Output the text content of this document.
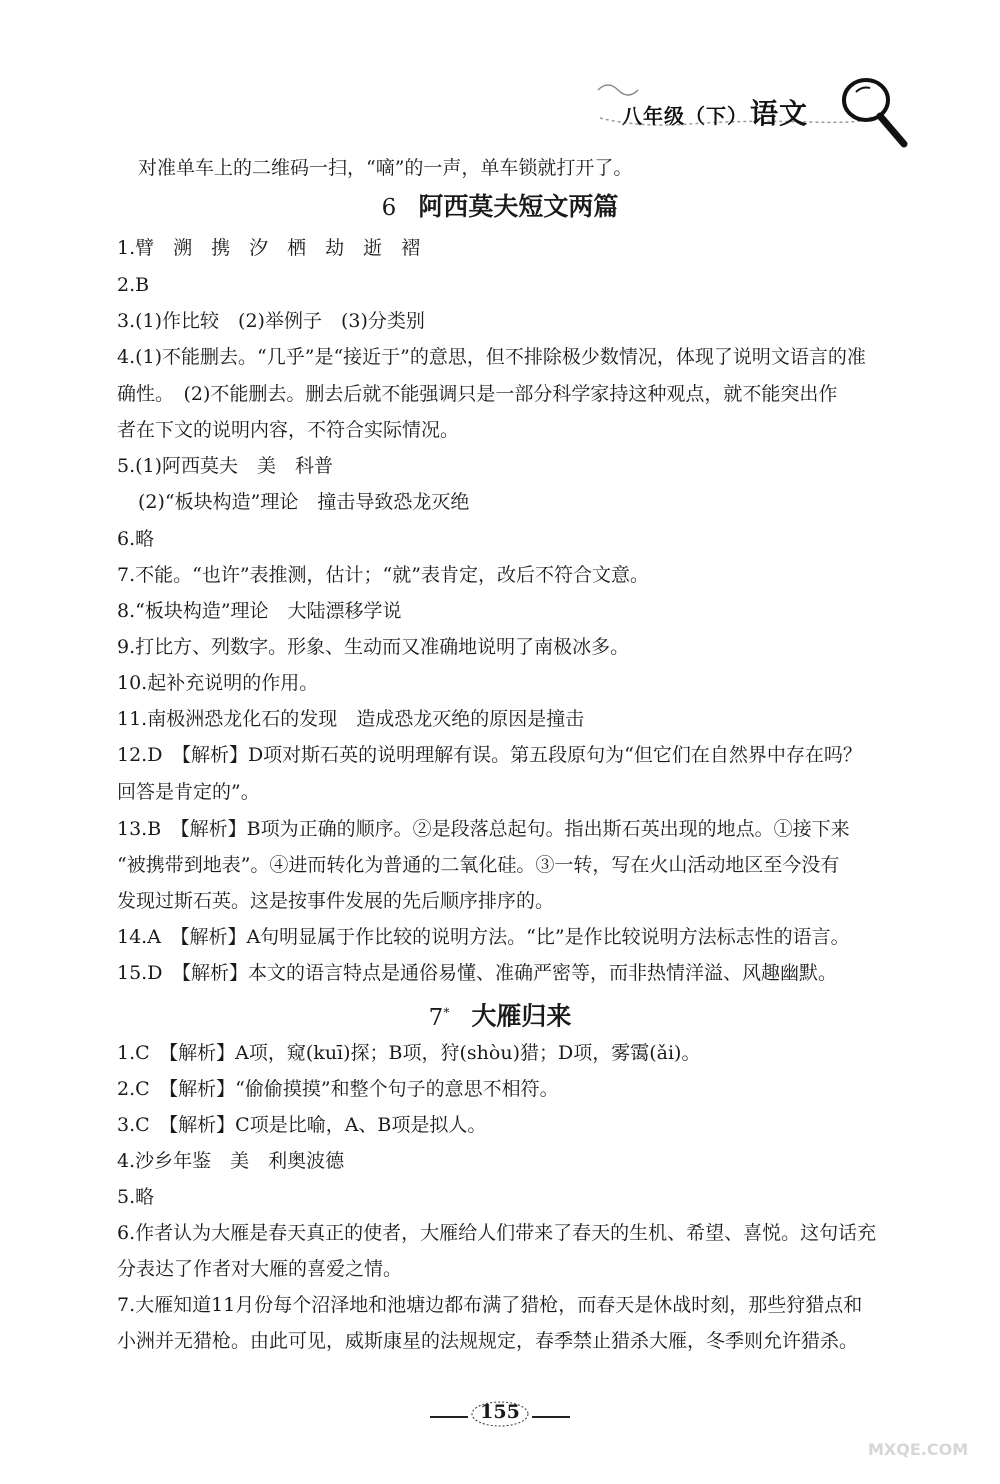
八年级（下）语文
对准单车上的二维码一扫，“嘀”的一声，单车锁就打开了。
6 阿西莫夫短文两篇
1.臂　溯　携　汐　栖　劫　逝　褶
2.B
3.(1)作比较　(2)举例子　(3)分类别
4.(1)不能删去。“几乎”是“接近于”的意思，但不排除极少数情况，体现了说明文语言的准
确性。　(2)不能删去。删去后就不能强调只是一部分科学家持这种观点，就不能突出作
者在下文的说明内容，不符合实际情况。
5.(1)阿西莫夫　美　科普
(2)“板块构造”理论　撞击导致恐龙灭绝
6.略
7.不能。“也许”表推测，估计；“就”表肯定，改后不符合文意。
8.“板块构造”理论　大陆漂移学说
9.打比方、列数字。形象、生动而又准确地说明了南极冰多。
10.起补充说明的作用。
11.南极洲恐龙化石的发现　造成恐龙灭绝的原因是撞击
12.D　【解析】D项对斯石英的说明理解有误。第五段原句为“但它们在自然界中存在吗？
回答是肯定的”。
13.B　【解析】B项为正确的顺序。②是段落总起句。指出斯石英出现的地点。①接下来
“被携带到地表”。④进而转化为普通的二氧化硅。③一转，写在火山活动地区至今没有
发现过斯石英。这是按事件发展的先后顺序排序的。
14.A　【解析】A句明显属于作比较的说明方法。“比”是作比较说明方法标志性的语言。
15.D　【解析】本文的语言特点是通俗易懂、准确严密等，而非热情洋溢、风趣幽默。
7* 大雁归来
1.C　【解析】A项，窥(kuī)探；B项，狩(shòu)猎；D项，雾霭(ǎi)。
2.C　【解析】“偷偷摸摸”和整个句子的意思不相符。
3.C　【解析】C项是比喻，A、B项是拟人。
4.沙乡年鉴　美　利奥波德
5.略
6.作者认为大雁是春天真正的使者，大雁给人们带来了春天的生机、希望、喜悦。这句话充
分表达了作者对大雁的喜爱之情。
7.大雁知道11月份每个沼泽地和池塘边都布满了猎枪，而春天是休战时刻，那些狩猎点和
小洲并无猎枪。由此可见，威斯康星的法规规定，春季禁止猎杀大雁，冬季则允许猎杀。
155
MXQE.COM
